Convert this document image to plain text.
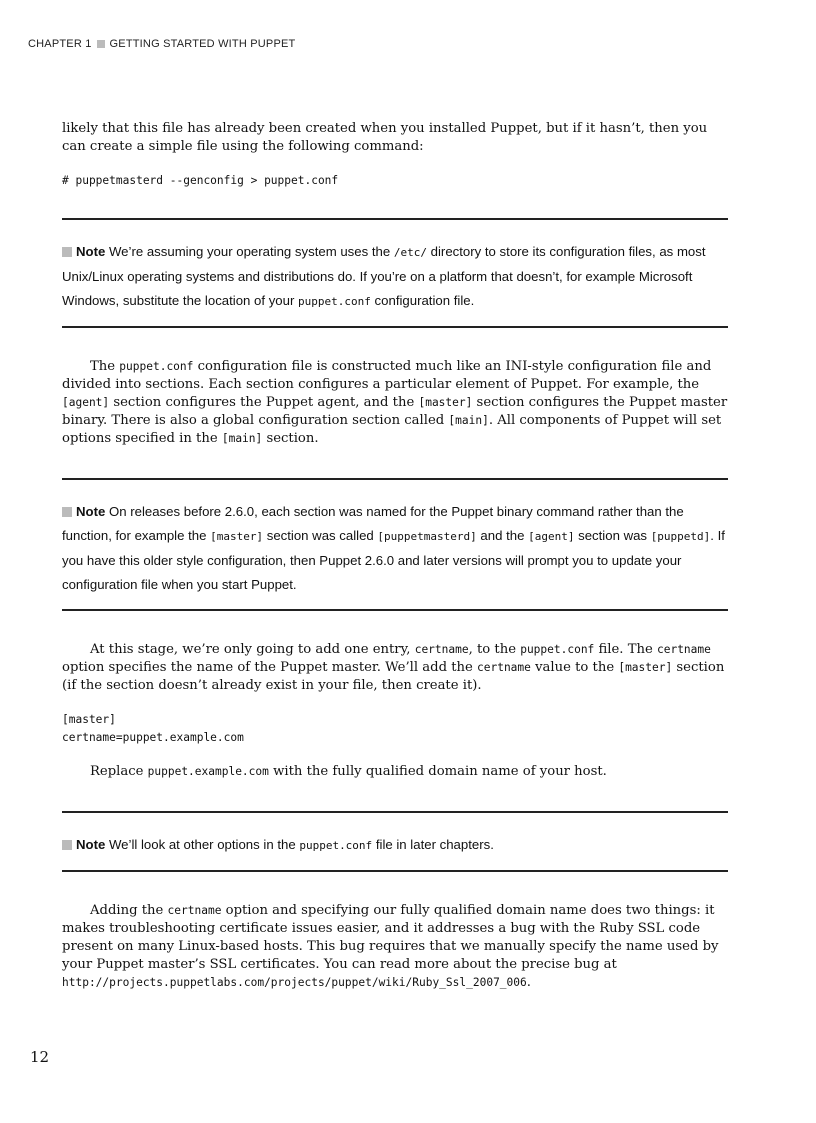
CHAPTER 1 GETTING STARTED WITH PUPPET

likely that this file has already been created when you installed Puppet, but if it hasn’t, then you can create a simple file using the following command:

# puppetmasterd --genconfig > puppet.conf

Note We’re assuming your operating system uses the /etc/ directory to store its configuration files, as most Unix/Linux operating systems and distributions do. If you’re on a platform that doesn’t, for example Microsoft Windows, substitute the location of your puppet.conf configuration file.

The puppet.conf configuration file is constructed much like an INI-style configuration file and divided into sections. Each section configures a particular element of Puppet. For example, the [agent] section configures the Puppet agent, and the [master] section configures the Puppet master binary. There is also a global configuration section called [main]. All components of Puppet will set options specified in the [main] section.

Note On releases before 2.6.0, each section was named for the Puppet binary command rather than the function, for example the [master] section was called [puppetmasterd] and the [agent] section was [puppetd]. If you have this older style configuration, then Puppet 2.6.0 and later versions will prompt you to update your configuration file when you start Puppet.

At this stage, we’re only going to add one entry, certname, to the puppet.conf file. The certname option specifies the name of the Puppet master. We’ll add the certname value to the [master] section (if the section doesn’t already exist in your file, then create it).

[master]

certname=puppet.example.com

Replace puppet.example.com with the fully qualified domain name of your host.

Note We’ll look at other options in the puppet.conf file in later chapters.

Adding the certname option and specifying our fully qualified domain name does two things: it makes troubleshooting certificate issues easier, and it addresses a bug with the Ruby SSL code present on many Linux-based hosts. This bug requires that we manually specify the name used by your Puppet master’s SSL certificates. You can read more about the precise bug at http://projects.puppetlabs.com/projects/puppet/wiki/Ruby_Ssl_2007_006.

12
